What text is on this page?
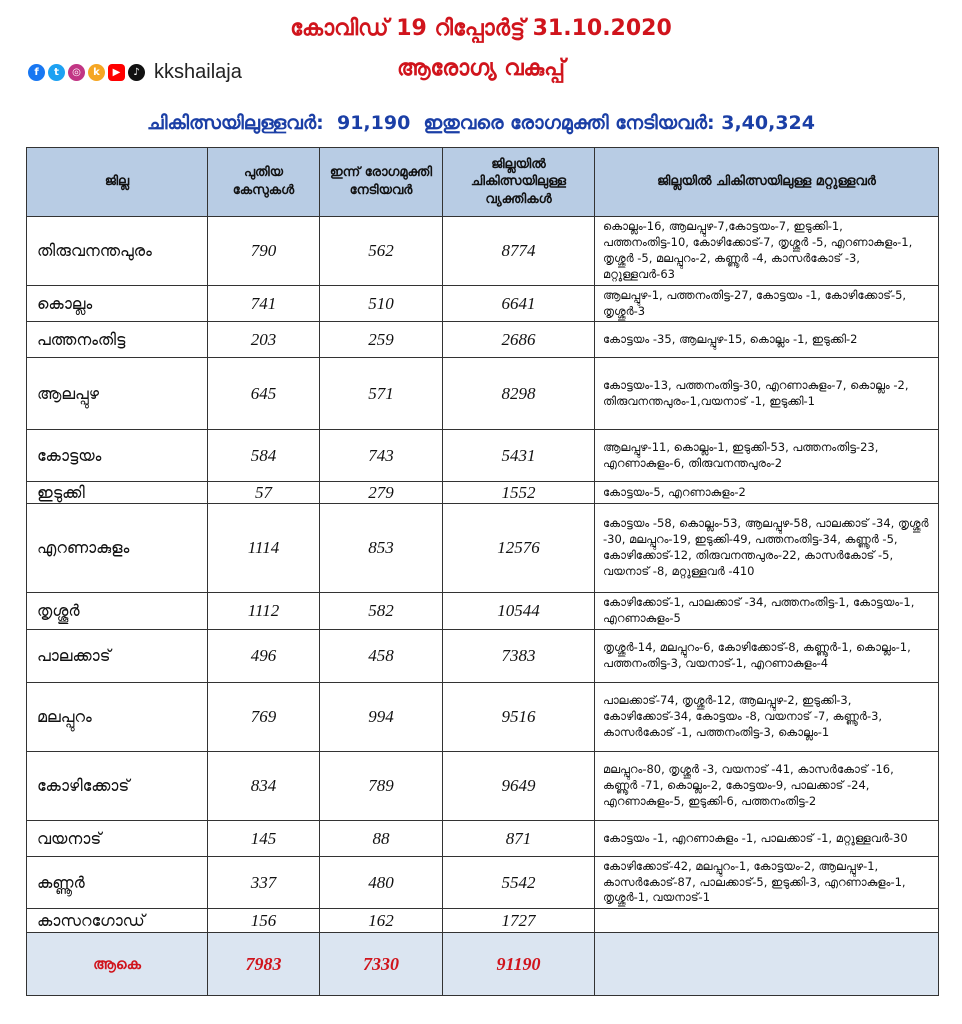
കോവിഡ് 19 റിപ്പോർട്ട് 31.10.2020
ആരോഗ്യ വകുപ്പ്
f	t	◎	k	▶	♪ kkshailaja
ചികിത്സയിലുള്ളവർ: 91,190 ഇതുവരെ രോഗമുക്തി നേടിയവർ: 3,40,324
ജില്ല	പുതിയ കേസുകൾ	ഇന്ന് രോഗമുക്തി നേടിയവർ	ജില്ലയിൽ ചികിത്സയിലുള്ള വ്യക്തികൾ	ജില്ലയിൽ ചികിത്സയിലുള്ള മറ്റുള്ളവർ
തിരുവനന്തപുരം	790	562	8774	കൊല്ലം-16, ആലപ്പുഴ-7,കോട്ടയം-7, ഇടുക്കി-1, പത്തനംതിട്ട-10, കോഴിക്കോട്-7, തൃശ്ശൂർ -5, എറണാകുളം-1, തൃശ്ശൂർ -5, മലപ്പുറം-2, കണ്ണൂർ -4, കാസർകോട് -3, മറ്റുള്ളവർ-63
കൊല്ലം	741	510	6641	ആലപ്പുഴ-1, പത്തനംതിട്ട-27, കോട്ടയം -1, കോഴിക്കോട്-5, തൃശ്ശൂർ-3
പത്തനംതിട്ട	203	259	2686	കോട്ടയം -35, ആലപ്പുഴ-15, കൊല്ലം -1, ഇടുക്കി-2
ആലപ്പുഴ	645	571	8298	കോട്ടയം-13, പത്തനംതിട്ട-30, എറണാകുളം-7, കൊല്ലം -2, തിരുവനന്തപുരം-1,വയനാട് -1, ഇടുക്കി-1
കോട്ടയം	584	743	5431	ആലപ്പുഴ-11, കൊല്ലം-1, ഇടുക്കി-53, പത്തനംതിട്ട-23, എറണാകുളം-6, തിരുവനന്തപുരം-2
ഇടുക്കി	57	279	1552	കോട്ടയം-5, എറണാകുളം-2
എറണാകുളം	1114	853	12576	കോട്ടയം -58, കൊല്ലം-53, ആലപ്പുഴ-58, പാലക്കാട് -34, തൃശ്ശൂർ -30, മലപ്പുറം-19, ഇടുക്കി-49, പത്തനംതിട്ട-34, കണ്ണൂർ -5, കോഴിക്കോട്-12, തിരുവനന്തപുരം-22, കാസർകോട് -5, വയനാട് -8, മറ്റുള്ളവർ -410
തൃശ്ശൂർ	1112	582	10544	കോഴിക്കോട്-1, പാലക്കാട് -34, പത്തനംതിട്ട-1, കോട്ടയം-1, എറണാകുളം-5
പാലക്കാട്	496	458	7383	തൃശ്ശൂർ-14, മലപ്പുറം-6, കോഴിക്കോട്-8, കണ്ണൂർ-1, കൊല്ലം-1, പത്തനംതിട്ട-3, വയനാട്-1, എറണാകുളം-4
മലപ്പുറം	769	994	9516	പാലക്കാട്-74, തൃശ്ശൂർ-12, ആലപ്പുഴ-2, ഇടുക്കി-3, കോഴിക്കോട്-34, കോട്ടയം -8, വയനാട് -7, കണ്ണൂർ-3, കാസർകോട് -1, പത്തനംതിട്ട-3, കൊല്ലം-1
കോഴിക്കോട്	834	789	9649	മലപ്പുറം-80, തൃശ്ശൂർ -3, വയനാട് -41, കാസർകോട് -16, കണ്ണൂർ -71, കൊല്ലം-2, കോട്ടയം-9, പാലക്കാട് -24, എറണാകുളം-5, ഇടുക്കി-6, പത്തനംതിട്ട-2
വയനാട്	145	88	871	കോട്ടയം -1, എറണാകുളം -1, പാലക്കാട് -1, മറ്റുള്ളവർ-30
കണ്ണൂർ	337	480	5542	കോഴിക്കോട്-42, മലപ്പുറം-1, കോട്ടയം-2, ആലപ്പുഴ-1, കാസർകോട്-87, പാലക്കാട്-5, ഇടുക്കി-3, എറണാകുളം-1, തൃശ്ശൂർ-1, വയനാട്-1
കാസറഗോഡ്	156	162	1727	
ആകെ	7983	7330	91190	
